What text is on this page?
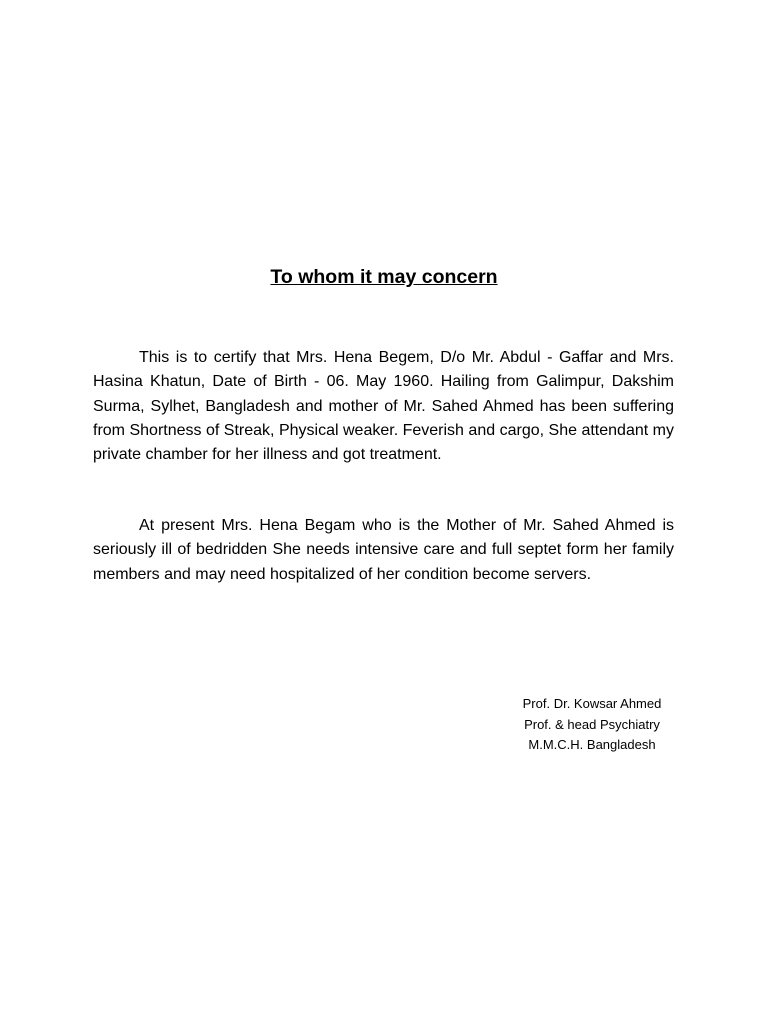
To whom it may concern

This is to certify that Mrs. Hena Begem, D/o Mr. Abdul - Gaffar and Mrs. Hasina Khatun, Date of Birth - 06. May 1960. Hailing from Galimpur, Dakshim Surma, Sylhet, Bangladesh and mother of Mr. Sahed Ahmed has been suffering from Shortness of Streak, Physical weaker. Feverish and cargo, She attendant my private chamber for her illness and got treatment.

At present Mrs. Hena Begam who is the Mother of Mr. Sahed Ahmed is seriously ill of bedridden She needs intensive care and full septet form her family members and may need hospitalized of her condition become servers.

Prof. Dr. Kowsar Ahmed
Prof. & head Psychiatry
M.M.C.H. Bangladesh
